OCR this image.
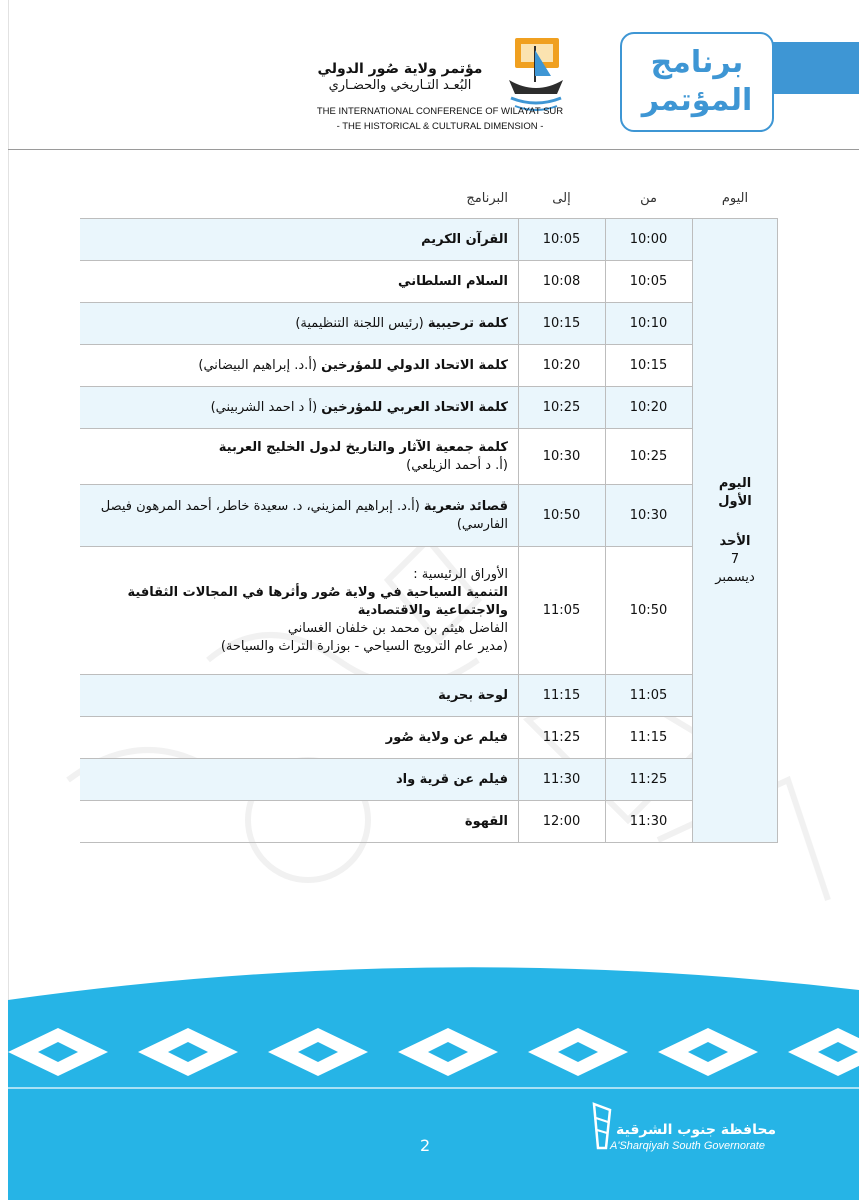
برنامج
المؤتمر
مؤتمر ولاية صُور الدولي
البُعـد التـاريخي والحضـاري
THE INTERNATIONAL CONFERENCE OF WILAYAT SUR
- THE HISTORICAL & CULTURAL DIMENSION -
اليوم
من
إلى
البرنامج
اليوم
الأول
الأحد
7
ديسمبر
10:00
10:05
القرآن الكريم
10:05
10:08
السلام السلطاني
10:10
10:15
كلمة ترحيبية (رئيس اللجنة التنظيمية)
10:15
10:20
كلمة الاتحاد الدولي للمؤرخين (أ.د. إبراهيم البيضاني)
10:20
10:25
كلمة الاتحاد العربي للمؤرخين (أ د احمد الشربيني)
10:25
10:30
كلمة جمعية الآثار والتاريخ لدول الخليج العربية
(أ. د أحمد الزيلعي)
10:30
10:50
قصائد شعرية (أ.د. إبراهيم المزيني، د. سعيدة خاطر، أحمد المرهون فيصل الفارسي)
10:50
11:05
الأوراق الرئيسية :
التنمية السياحية في ولاية صُور وأثرها في المجالات الثقافية والاجتماعية والاقتصادية
الفاضل هيثم بن محمد بن خلفان الغساني
(مدير عام الترويج السياحي - بوزارة التراث والسياحة)
11:05
11:15
لوحة بحرية
11:15
11:25
فيلم عن ولاية صُور
11:25
11:30
فيلم عن قرية واد
11:30
12:00
القهوة
محافظة جنوب الشرقية
A'Sharqiyah South Governorate
2
